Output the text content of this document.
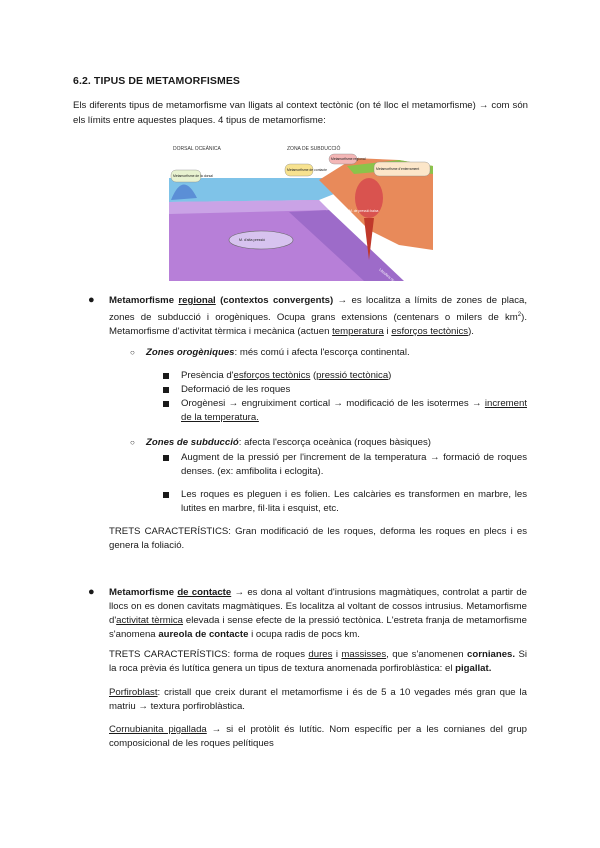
6.2. TIPUS DE METAMORFISMES
Els diferents tipus de metamorfisme van lligats al context tectònic (on té lloc el metamorfisme) → com són els límits entre aquestes plaques. 4 tipus de metamorfisme:
DORSAL OCEÀNICA	ZONA DE SUBDUCCIÓ
Metamorfisme de la dorsal
Metamorfisme de contacte
Metamorfisme regional
Metamorfisme d'enterrament
M. de pressió baixa
M. d'alta pressió
● Metamorfisme regional (contextos convergents) → es localitza a límits de zones de placa, zones de subducció i orogèniques. Ocupa grans extensions (centenars o milers de $km^2$). Metamorfisme d'activitat tèrmica i mecànica (actuen temperatura i esforços tectònics).
○ Zones orogèniques: més comú i afecta l'escorça continental.
Presència d'esforços tectònics (pressió tectònica)
Deformació de les roques
Orogènesi → engruiximent cortical → modificació de les isotermes → increment de la temperatura.
○ Zones de subducció: afecta l'escorça oceànica (roques bàsiques)
Augment de la pressió per l'increment de la temperatura → formació de roques denses. (ex: amfibolita i eclogita).
Les roques es pleguen i es folien. Les calcàries es transformen en marbre, les lutites en marbre, fil·lita i esquist, etc.
TRETS CARACTERÍSTICS: Gran modificació de les roques, deforma les roques en plecs i es genera la foliació.
● Metamorfisme de contacte → es dona al voltant d'intrusions magmàtiques, controlat a partir de llocs on es donen cavitats magmàtiques. Es localitza al voltant de cossos intrusius. Metamorfisme d'activitat tèrmica elevada i sense efecte de la pressió tectònica. L'estreta franja de metamorfisme s'anomena aureola de contacte i ocupa radis de pocs km.
TRETS CARACTERÍSTICS: forma de roques dures i massisses, que s'anomenen cornianes. Si la roca prèvia és lutítica genera un tipus de textura anomenada porfiroblàstica: el pigallat.
Porfiroblast: cristall que creix durant el metamorfisme i és de 5 a 10 vegades més gran que la matriu → textura porfiroblàstica.
Cornubianita pigallada → si el protòlit és lutític. Nom específic per a les cornianes del grup composicional de les roques pelítiques
